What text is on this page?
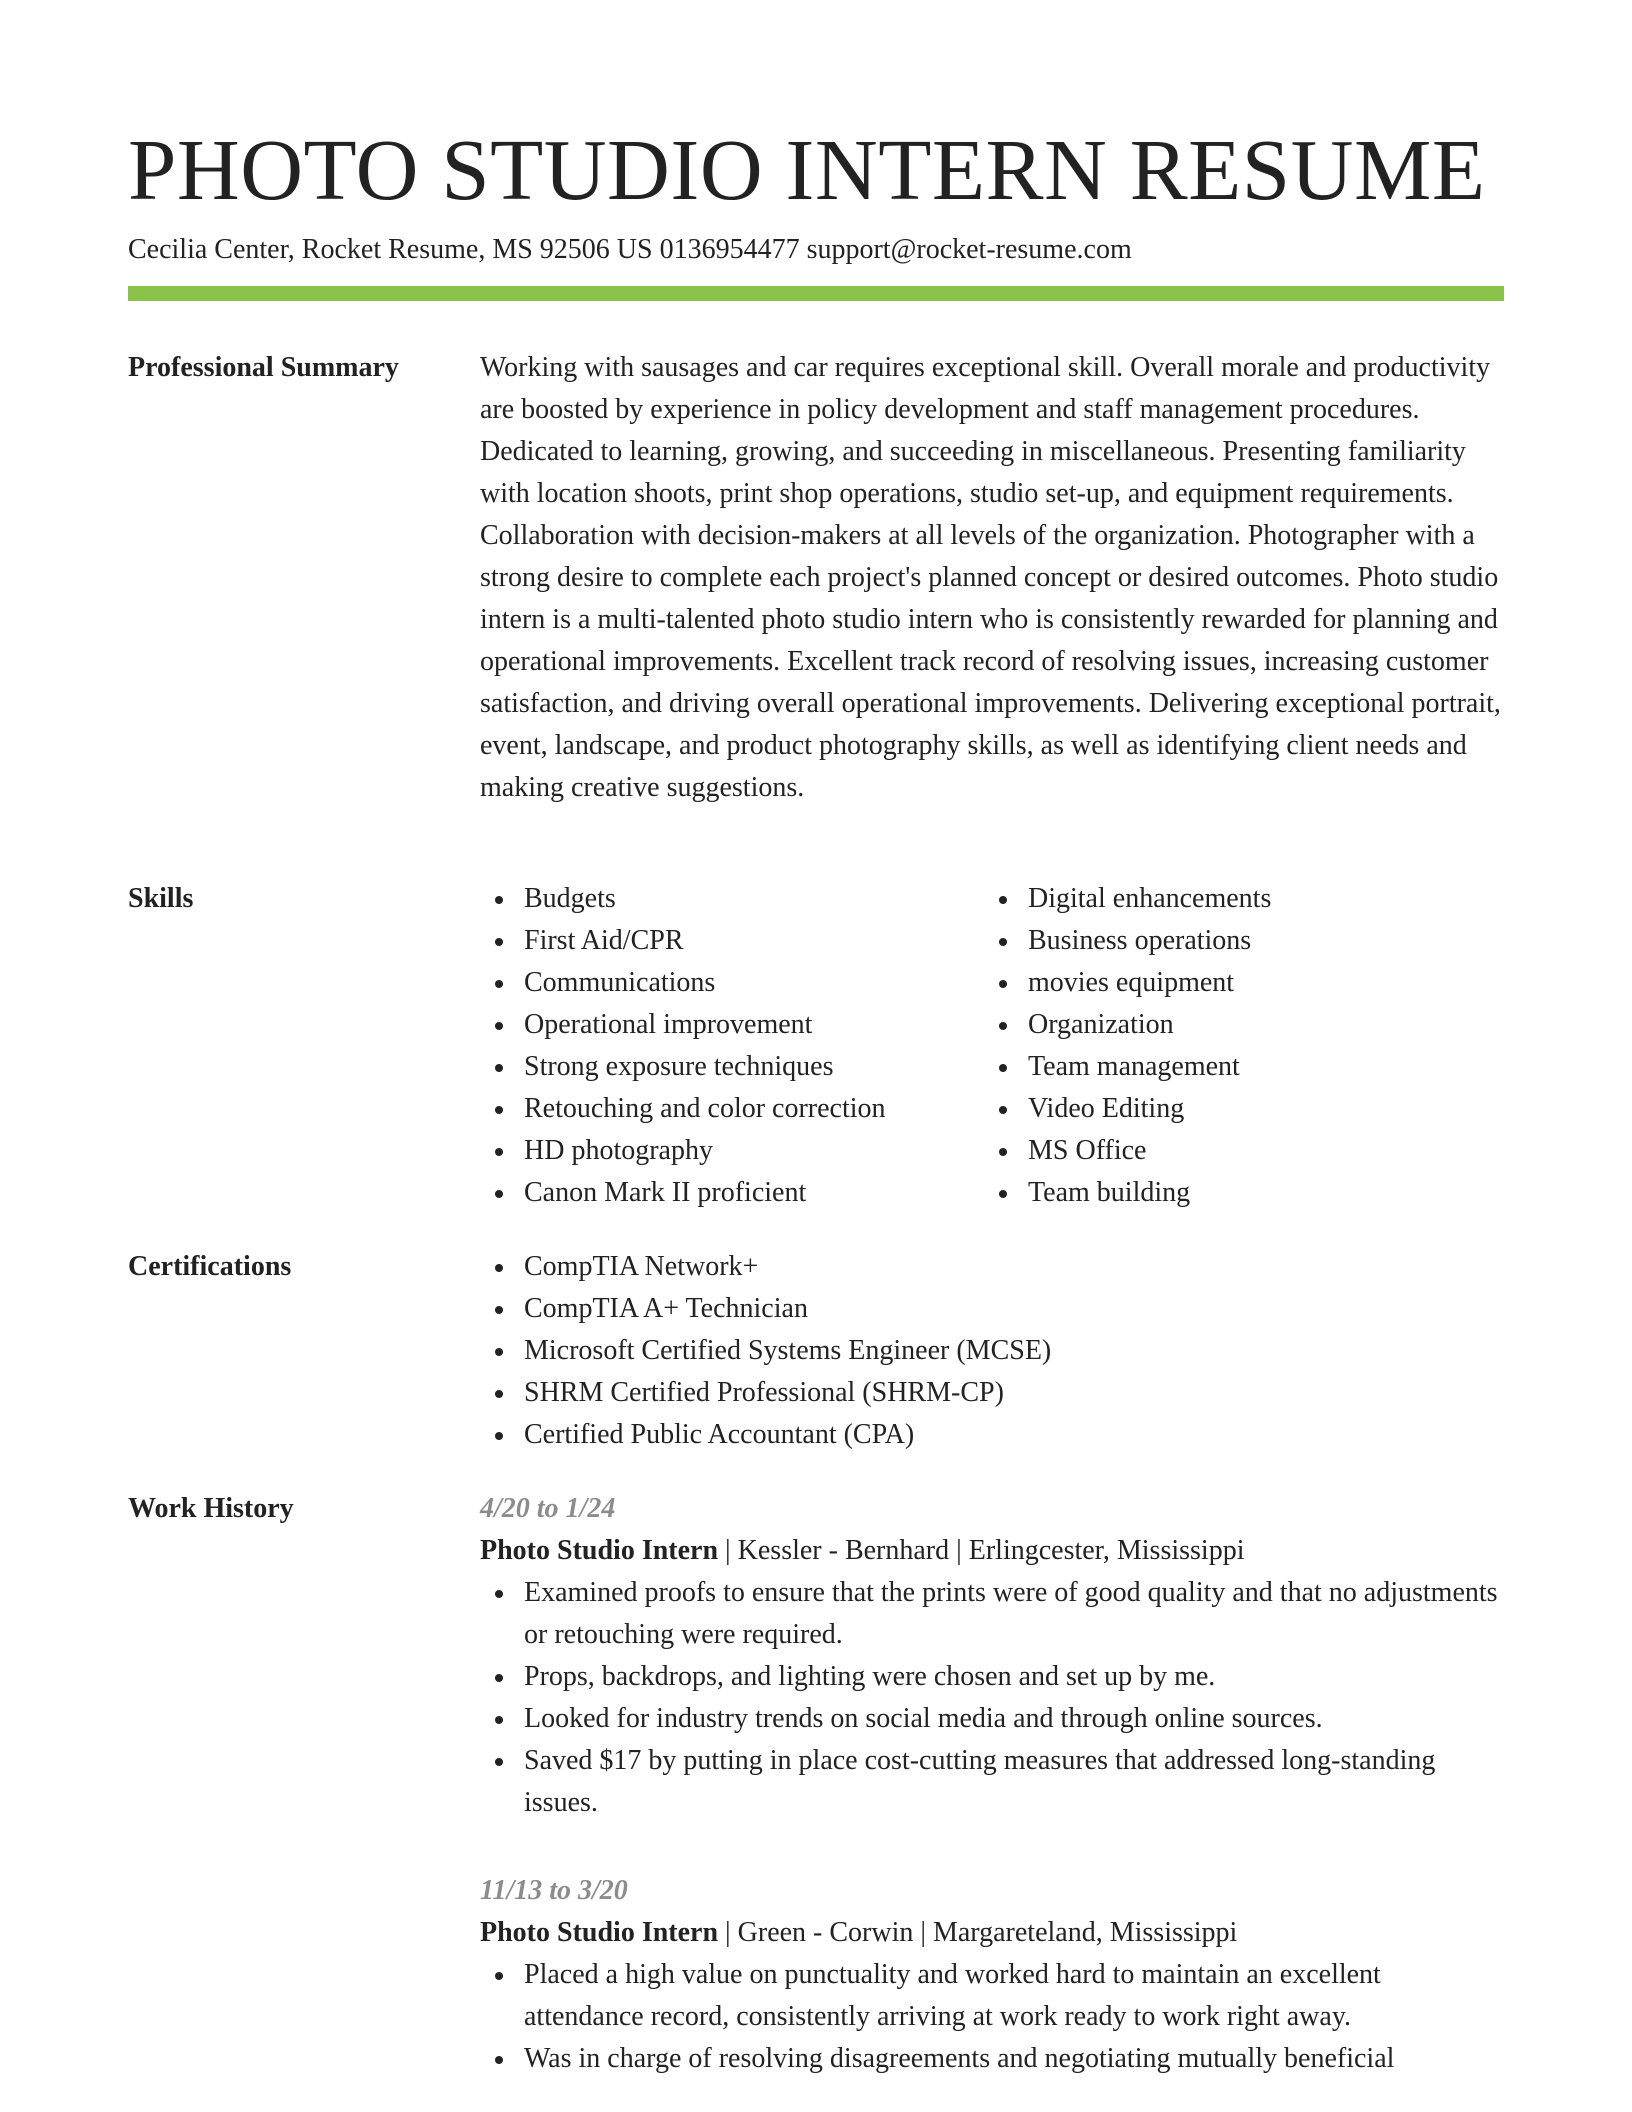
PHOTO STUDIO INTERN RESUME
Cecilia Center, Rocket Resume, MS 92506 US 0136954477 support@rocket-resume.com
Professional Summary	Working with sausages and car requires exceptional skill. Overall morale and productivity are boosted by experience in policy development and staff management procedures. Dedicated to learning, growing, and succeeding in miscellaneous. Presenting familiarity with location shoots, print shop operations, studio set-up, and equipment requirements. Collaboration with decision-makers at all levels of the organization. Photographer with a strong desire to complete each project's planned concept or desired outcomes. Photo studio intern is a multi-talented photo studio intern who is consistently rewarded for planning and operational improvements. Excellent track record of resolving issues, increasing customer satisfaction, and driving overall operational improvements. Delivering exceptional portrait, event, landscape, and product photography skills, as well as identifying client needs and making creative suggestions.

Skills	Budgets
First Aid/CPR
Communications
Operational improvement
Strong exposure techniques
Retouching and color correction
HD photography
Canon Mark II proficient
Digital enhancements
Business operations
movies equipment
Organization
Team management
Video Editing
MS Office
Team building
Certifications	CompTIA Network+
CompTIA A+ Technician
Microsoft Certified Systems Engineer (MCSE)
SHRM Certified Professional (SHRM-CP)
Certified Public Accountant (CPA)
Work History	4/20 to 1/24
Photo Studio Intern | Kessler - Bernhard | Erlingcester, Mississippi
Examined proofs to ensure that the prints were of good quality and that no adjustments or retouching were required.
Props, backdrops, and lighting were chosen and set up by me.
Looked for industry trends on social media and through online sources.
Saved $17 by putting in place cost-cutting measures that addressed long-standing issues.
11/13 to 3/20
Photo Studio Intern | Green - Corwin | Margareteland, Mississippi
Placed a high value on punctuality and worked hard to maintain an excellent attendance record, consistently arriving at work ready to work right away.
Was in charge of resolving disagreements and negotiating mutually beneficial
